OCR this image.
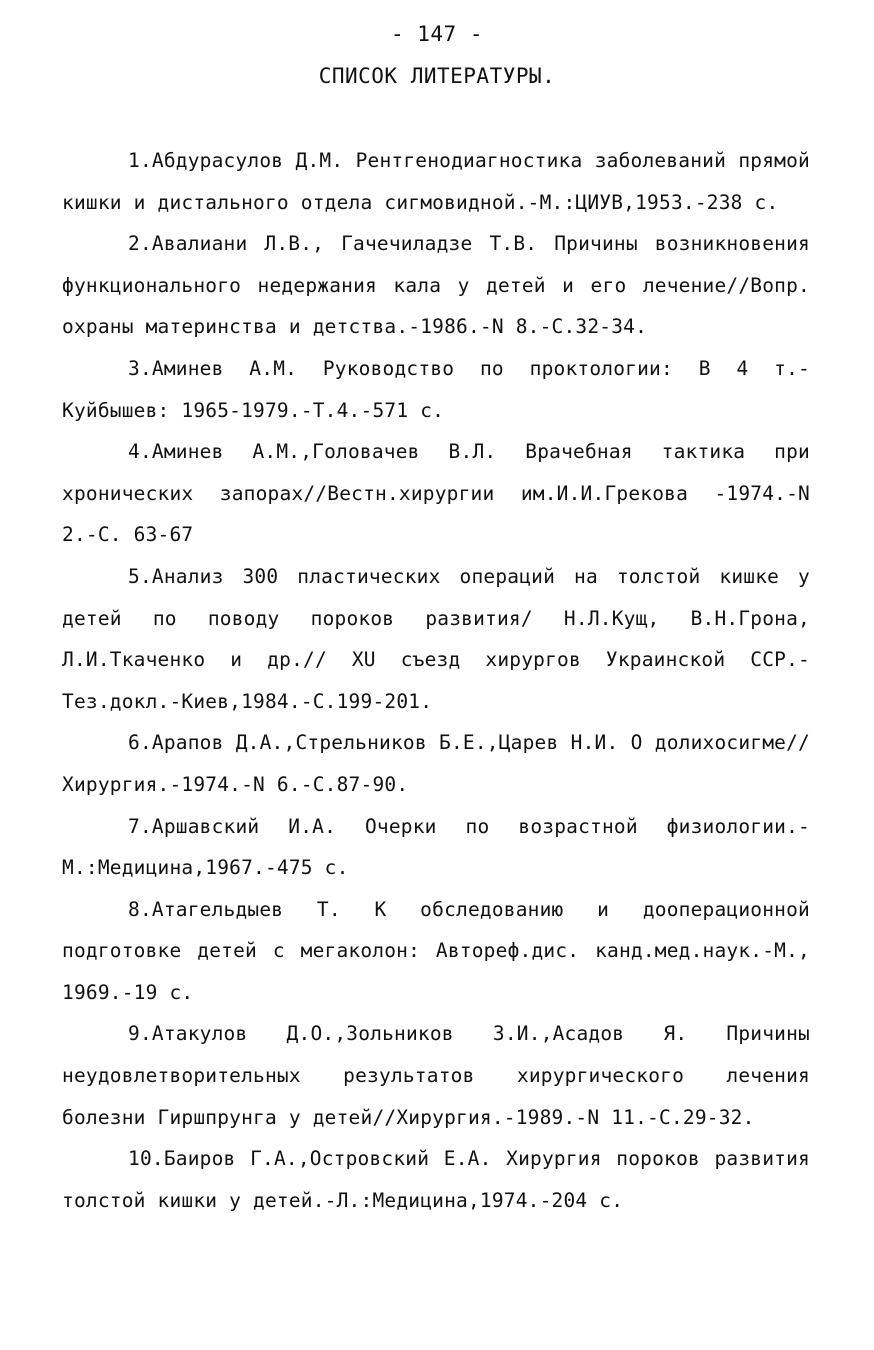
- 147 -
СПИСОК ЛИТЕРАТУРЫ.

1.Абдурасулов Д.М. Рентгенодиагностика заболеваний прямой кишки и дистального отдела сигмовидной.-М.:ЦИУВ,1953.-238 с.

2.Авалиани Л.В., Гачечиладзе Т.В. Причины возникновения функционального недержания кала у детей и его лечение//Вопр. охраны материнства и детства.-1986.-N 8.-С.32-34.

3.Аминев А.М. Руководство по проктологии: В 4 т.-Куйбышев: 1965-1979.-Т.4.-571 с.

4.Аминев А.М.,Головачев В.Л. Врачебная тактика при хронических запорах//Вестн.хирургии им.И.И.Грекова -1974.-N 2.-С. 63-67

5.Анализ 300 пластических операций на толстой кишке у детей по поводу пороков развития/ Н.Л.Кущ, В.Н.Грона, Л.И.Ткаченко и др.// XU съезд хирургов Украинской ССР.-Тез.докл.-Киев,1984.-С.199-201.

6.Арапов Д.А.,Стрельников Б.Е.,Царев Н.И. О долихосигме// Хирургия.-1974.-N 6.-С.87-90.

7.Аршавский И.А. Очерки по возрастной физиологии.-М.:Медицина,1967.-475 с.

8.Атагельдыев Т. К обследованию и дооперационной подготовке детей с мегаколон: Автореф.дис. канд.мед.наук.-М., 1969.-19 с.

9.Атакулов Д.О.,Зольников З.И.,Асадов Я. Причины неудовлетворительных результатов хирургического лечения болезни Гиршпрунга у детей//Хирургия.-1989.-N 11.-С.29-32.

10.Баиров Г.А.,Островский Е.А. Хирургия пороков развития толстой кишки у детей.-Л.:Медицина,1974.-204 с.
